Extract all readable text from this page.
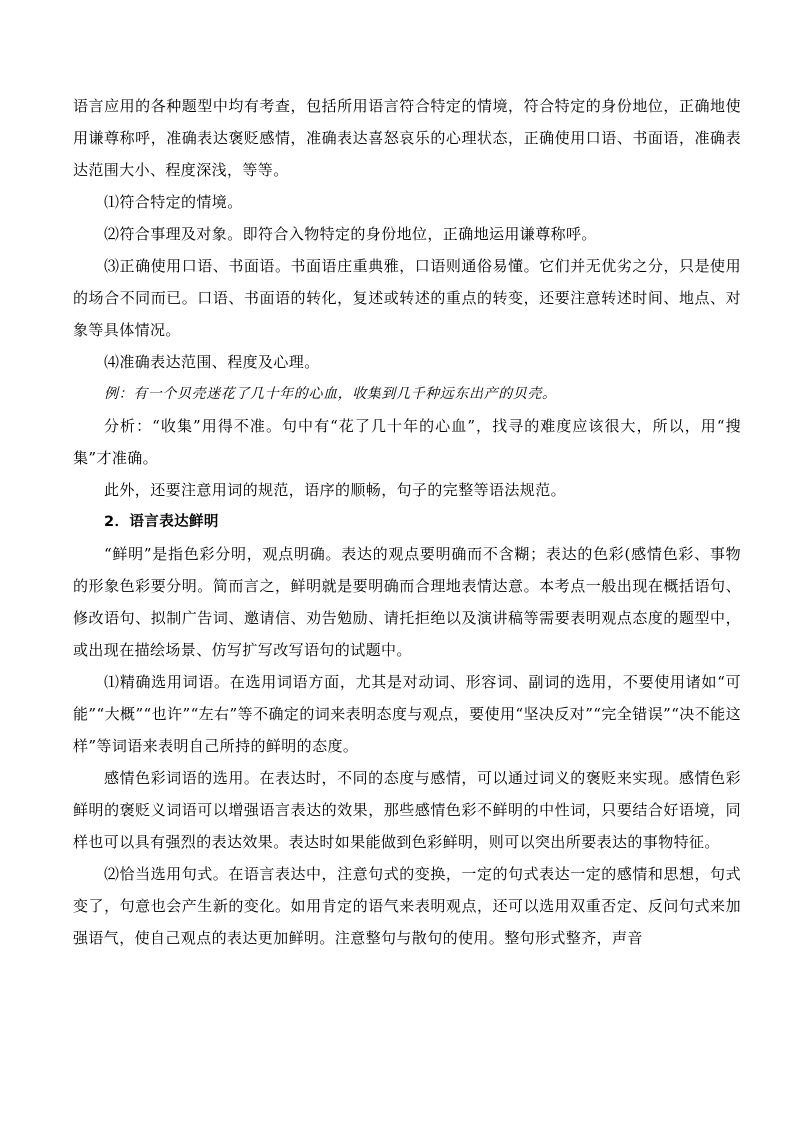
语言应用的各种题型中均有考查，包括所用语言符合特定的情境，符合特定的身份地位，正确地使用谦尊称呼，准确表达褒贬感情，准确表达喜怒哀乐的心理状态，正确使用口语、书面语，准确表达范围大小、程度深浅，等等。

⑴符合特定的情境。

⑵符合事理及对象。即符合入物特定的身份地位，正确地运用谦尊称呼。

⑶正确使用口语、书面语。书面语庄重典雅，口语则通俗易懂。它们并无优劣之分，只是使用的场合不同而已。口语、书面语的转化，复述或转述的重点的转变，还要注意转述时间、地点、对象等具体情况。

⑷准确表达范围、程度及心理。

例：有一个贝壳迷花了几十年的心血，收集到几千种远东出产的贝壳。

分析：“收集”用得不准。句中有“花了几十年的心血”，找寻的难度应该很大，所以，用“搜集”才准确。

此外，还要注意用词的规范，语序的顺畅，句子的完整等语法规范。

2．语言表达鲜明

“鲜明”是指色彩分明，观点明确。表达的观点要明确而不含糊；表达的色彩(感情色彩、事物的形象色彩要分明。简而言之，鲜明就是要明确而合理地表情达意。本考点一般出现在概括语句、修改语句、拟制广告词、邀请信、劝告勉励、请托拒绝以及演讲稿等需要表明观点态度的题型中，或出现在描绘场景、仿写扩写改写语句的试题中。

⑴精确选用词语。在选用词语方面，尤其是对动词、形容词、副词的选用，不要使用诸如“可能”“大概”“也许”“左右”等不确定的词来表明态度与观点，要使用“坚决反对”“完全错误”“决不能这样”等词语来表明自己所持的鲜明的态度。

感情色彩词语的选用。在表达时，不同的态度与感情，可以通过词义的褒贬来实现。感情色彩鲜明的褒贬义词语可以增强语言表达的效果，那些感情色彩不鲜明的中性词，只要结合好语境，同样也可以具有强烈的表达效果。表达时如果能做到色彩鲜明，则可以突出所要表达的事物特征。

⑵恰当选用句式。在语言表达中，注意句式的变换，一定的句式表达一定的感情和思想，句式变了，句意也会产生新的变化。如用肯定的语气来表明观点，还可以选用双重否定、反问句式来加强语气，使自己观点的表达更加鲜明。注意整句与散句的使用。整句形式整齐，声音
